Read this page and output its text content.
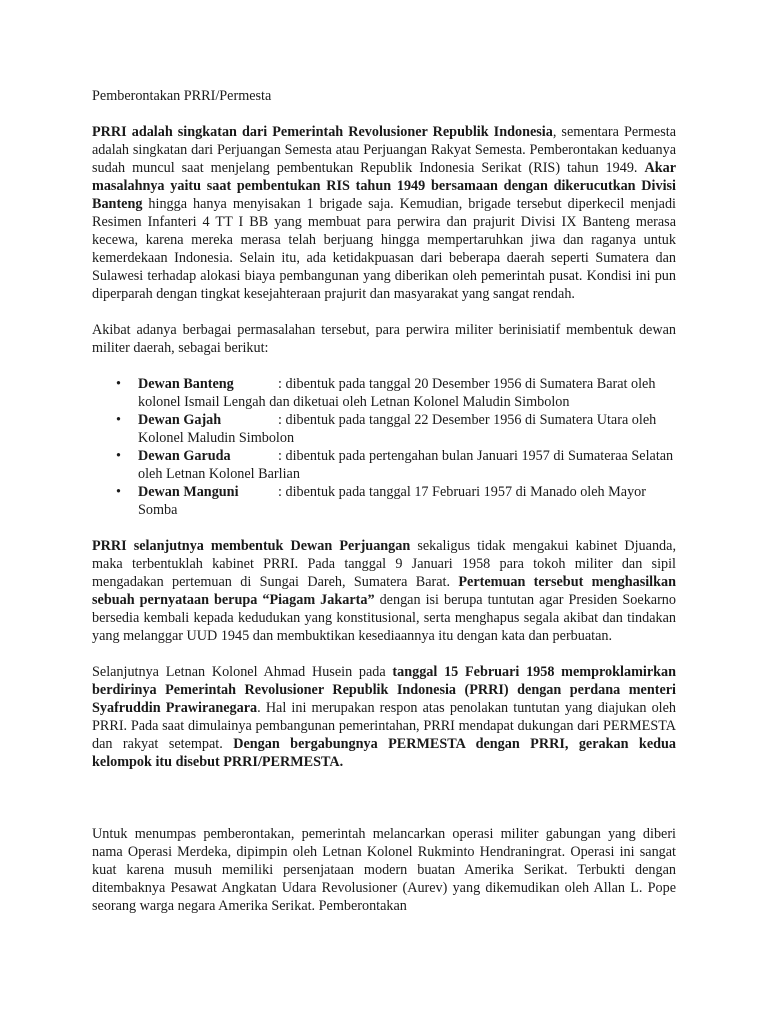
Pemberontakan PRRI/Permesta

PRRI adalah singkatan dari Pemerintah Revolusioner Republik Indonesia, sementara Permesta adalah singkatan dari Perjuangan Semesta atau Perjuangan Rakyat Semesta. Pemberontakan keduanya sudah muncul saat menjelang pembentukan Republik Indonesia Serikat (RIS) tahun 1949. Akar masalahnya yaitu saat pembentukan RIS tahun 1949 bersamaan dengan dikerucutkan Divisi Banteng hingga hanya menyisakan 1 brigade saja. Kemudian, brigade tersebut diperkecil menjadi Resimen Infanteri 4 TT I BB yang membuat para perwira dan prajurit Divisi IX Banteng merasa kecewa, karena mereka merasa telah berjuang hingga mempertaruhkan jiwa dan raganya untuk kemerdekaan Indonesia. Selain itu, ada ketidakpuasan dari beberapa daerah seperti Sumatera dan Sulawesi terhadap alokasi biaya pembangunan yang diberikan oleh pemerintah pusat. Kondisi ini pun diperparah dengan tingkat kesejahteraan prajurit dan masyarakat yang sangat rendah.

Akibat adanya berbagai permasalahan tersebut, para perwira militer berinisiatif membentuk dewan militer daerah, sebagai berikut:

• Dewan Banteng	: dibentuk pada tanggal 20 Desember 1956 di Sumatera Barat oleh kolonel Ismail Lengah dan diketuai oleh Letnan Kolonel Maludin Simbolon
• Dewan Gajah	: dibentuk pada tanggal 22 Desember 1956 di Sumatera Utara oleh Kolonel Maludin Simbolon
• Dewan Garuda	: dibentuk pada pertengahan bulan Januari 1957 di Sumateraa Selatan oleh Letnan Kolonel Barlian
• Dewan Manguni	: dibentuk pada tanggal 17 Februari 1957 di Manado oleh Mayor Somba

PRRI selanjutnya membentuk Dewan Perjuangan sekaligus tidak mengakui kabinet Djuanda, maka terbentuklah kabinet PRRI. Pada tanggal 9 Januari 1958 para tokoh militer dan sipil mengadakan pertemuan di Sungai Dareh, Sumatera Barat. Pertemuan tersebut menghasilkan sebuah pernyataan berupa “Piagam Jakarta” dengan isi berupa tuntutan agar Presiden Soekarno bersedia kembali kepada kedudukan yang konstitusional, serta menghapus segala akibat dan tindakan yang melanggar UUD 1945 dan membuktikan kesediaannya itu dengan kata dan perbuatan.

Selanjutnya Letnan Kolonel Ahmad Husein pada tanggal 15 Februari 1958 memproklamirkan berdirinya Pemerintah Revolusioner Republik Indonesia (PRRI) dengan perdana menteri Syafruddin Prawiranegara. Hal ini merupakan respon atas penolakan tuntutan yang diajukan oleh PRRI. Pada saat dimulainya pembangunan pemerintahan, PRRI mendapat dukungan dari PERMESTA dan rakyat setempat. Dengan bergabungnya PERMESTA dengan PRRI, gerakan kedua kelompok itu disebut PRRI/PERMESTA.

Untuk menumpas pemberontakan, pemerintah melancarkan operasi militer gabungan yang diberi nama Operasi Merdeka, dipimpin oleh Letnan Kolonel Rukminto Hendraningrat. Operasi ini sangat kuat karena musuh memiliki persenjataan modern buatan Amerika Serikat. Terbukti dengan ditembaknya Pesawat Angkatan Udara Revolusioner (Aurev) yang dikemudikan oleh Allan L. Pope seorang warga negara Amerika Serikat. Pemberontakan
